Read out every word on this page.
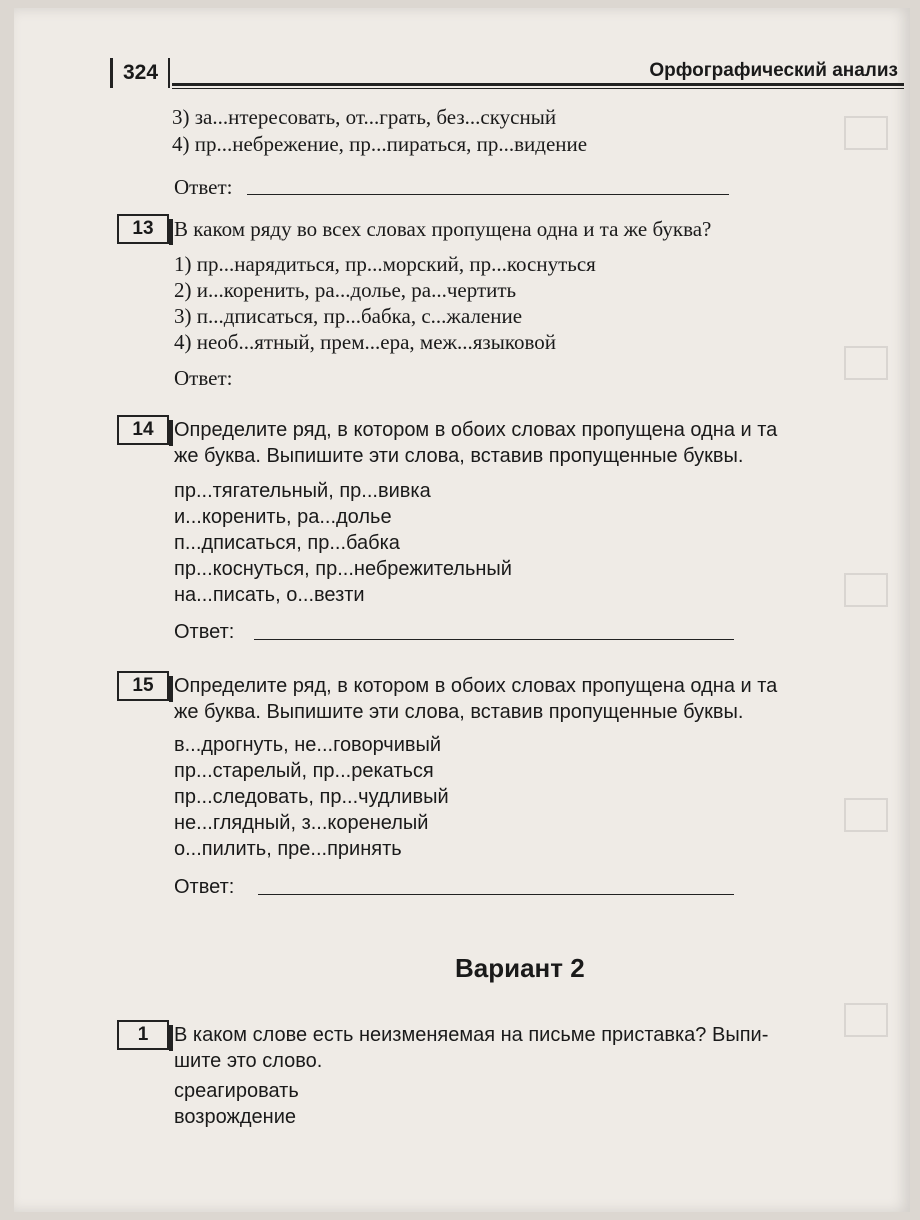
324	Орфографический анализ
3) за...нтересовать, от...грать, без...скусный
4) пр...небрежение, пр...пираться, пр...видение
Ответ:
13 В каком ряду во всех словах пропущена одна и та же буква?
1) пр...нарядиться, пр...морский, пр...коснуться
2) и...коренить, ра...долье, ра...чертить
3) п...дписаться, пр...бабка, с...жаление
4) необ...ятный, прем...ера, меж...языковой
Ответ:
14	Определите ряд, в котором в обоих словах пропущена одна и та
же буква. Выпишите эти слова, вставив пропущенные буквы.
пр...тягательный, пр...вивка
и...коренить, ра...долье
п...дписаться, пр...бабка
пр...коснуться, пр...небрежительный
на...писать, о...везти
Ответ:
15	Определите ряд, в котором в обоих словах пропущена одна и та
же буква. Выпишите эти слова, вставив пропущенные буквы.
в...дрогнуть, не...говорчивый
пр...старелый, пр...рекаться
пр...следовать, пр...чудливый
не...глядный, з...коренелый
о...пилить, пре...принять
Ответ:
Вариант 2
1	В каком слове есть неизменяемая на письме приставка? Выпи-
шите это слово.
среагировать
возрождение
